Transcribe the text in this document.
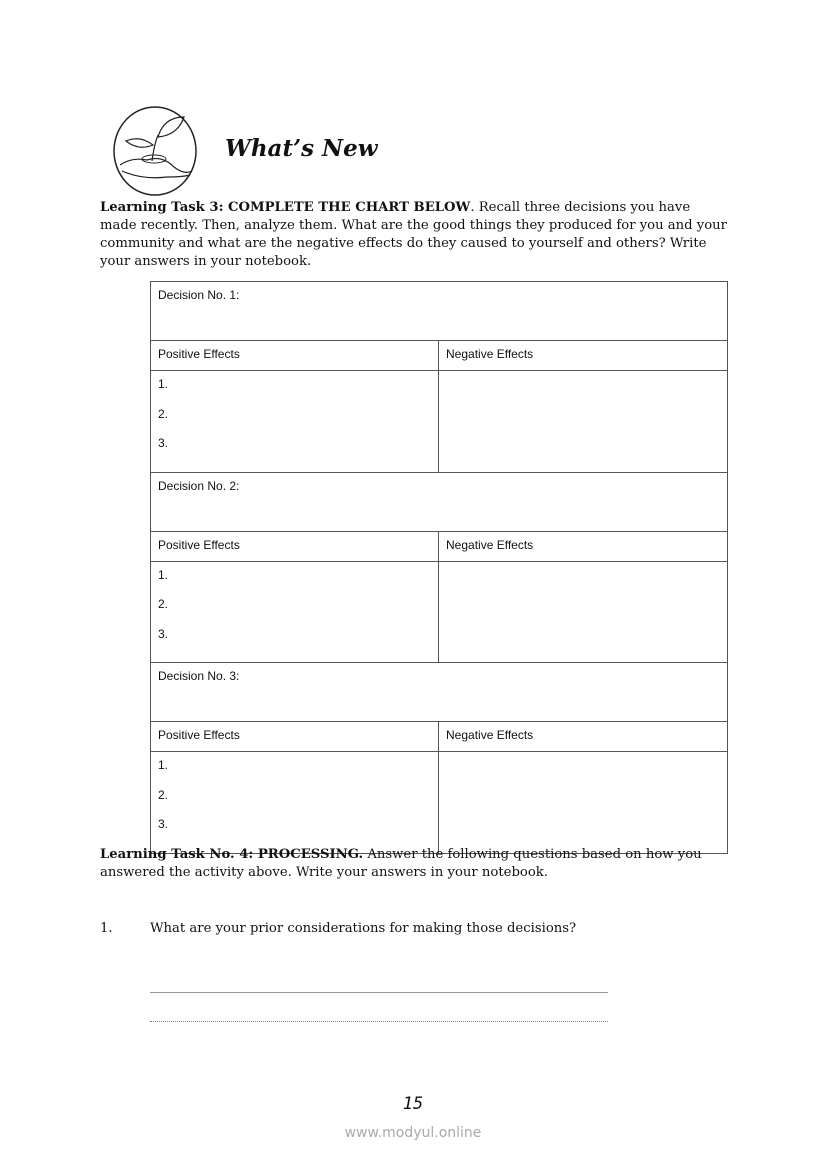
What’s New
Learning Task 3: COMPLETE THE CHART BELOW. Recall three decisions you have made recently. Then, analyze them. What are the good things they produced for you and your community and what are the negative effects do they caused to yourself and others? Write your answers in your notebook.
Decision No. 1:	
Positive Effects	Negative Effects

1.
2.
3.	

Decision No. 2:	
Positive Effects	Negative Effects

1.
2.
3.	

Decision No. 3:	
Positive Effects	Negative Effects

1.
2.
3.	

Learning Task No. 4: PROCESSING. Answer the following questions based on how you answered the activity above. Write your answers in your notebook.
1.	What are your prior considerations for making those decisions?
15
www.modyul.online
